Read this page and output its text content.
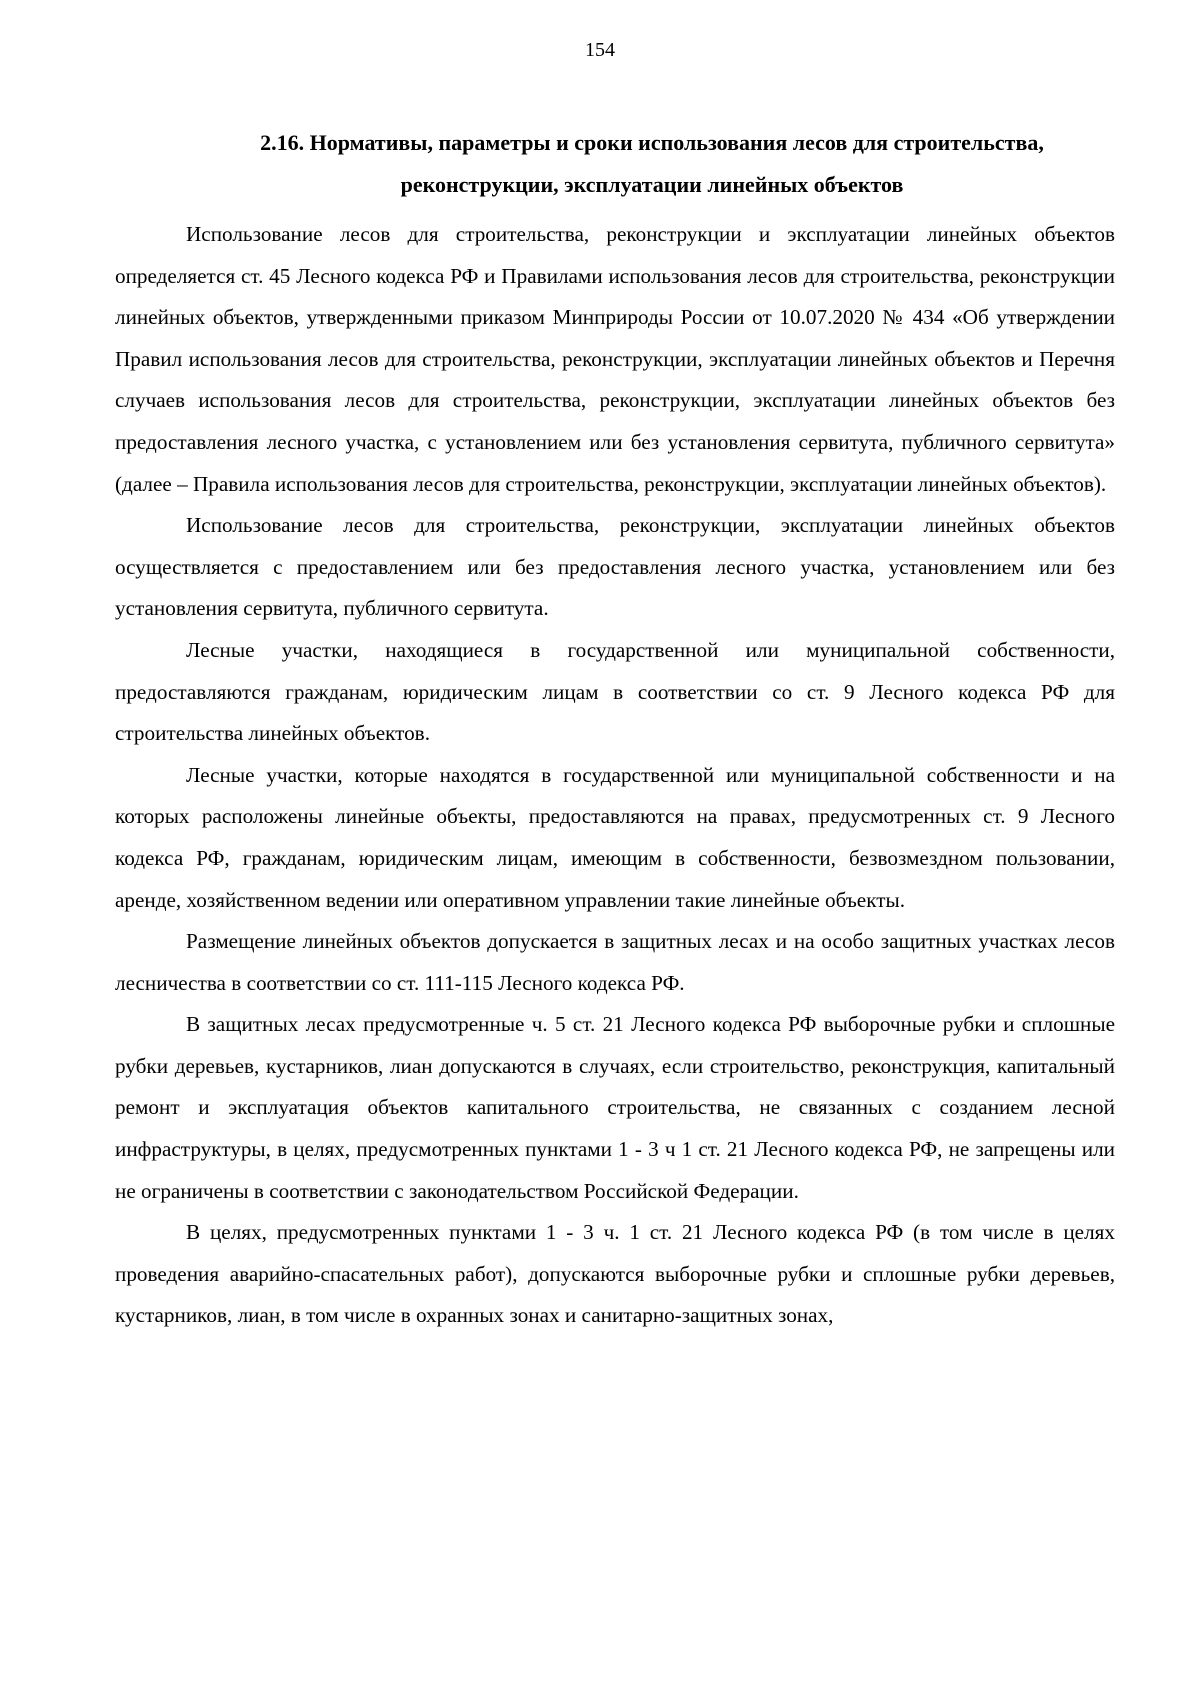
154
2.16. Нормативы, параметры и сроки использования лесов для строительства,
реконструкции, эксплуатации линейных объектов

Использование лесов для строительства, реконструкции и эксплуатации линейных объектов определяется ст. 45 Лесного кодекса РФ и Правилами использования лесов для строительства, реконструкции линейных объектов, утвержденными приказом Минприроды России от 10.07.2020 № 434 «Об утверждении Правил использования лесов для строительства, реконструкции, эксплуатации линейных объектов и Перечня случаев использования лесов для строительства, реконструкции, эксплуатации линейных объектов без предоставления лесного участка, с установлением или без установления сервитута, публичного сервитута» (далее – Правила использования лесов для строительства, реконструкции, эксплуатации линейных объектов).

Использование лесов для строительства, реконструкции, эксплуатации линейных объектов осуществляется с предоставлением или без предоставления лесного участка, установлением или без установления сервитута, публичного сервитута.

Лесные участки, находящиеся в государственной или муниципальной собственности, предоставляются гражданам, юридическим лицам в соответствии со ст. 9 Лесного кодекса РФ для строительства линейных объектов.

Лесные участки, которые находятся в государственной или муниципальной собственности и на которых расположены линейные объекты, предоставляются на правах, предусмотренных ст. 9 Лесного кодекса РФ, гражданам, юридическим лицам, имеющим в собственности, безвозмездном пользовании, аренде, хозяйственном ведении или оперативном управлении такие линейные объекты.

Размещение линейных объектов допускается в защитных лесах и на особо защитных участках лесов лесничества в соответствии со ст. 111-115 Лесного кодекса РФ.

В защитных лесах предусмотренные ч. 5 ст. 21 Лесного кодекса РФ выборочные рубки и сплошные рубки деревьев, кустарников, лиан допускаются в случаях, если строительство, реконструкция, капитальный ремонт и эксплуатация объектов капитального строительства, не связанных с созданием лесной инфраструктуры, в целях, предусмотренных пунктами 1 - 3 ч 1 ст. 21 Лесного кодекса РФ, не запрещены или не ограничены в соответствии с законодательством Российской Федерации.

В целях, предусмотренных пунктами 1 - 3 ч. 1 ст. 21 Лесного кодекса РФ (в том числе в целях проведения аварийно-спасательных работ), допускаются выборочные рубки и сплошные рубки деревьев, кустарников, лиан, в том числе в охранных зонах и санитарно-защитных зонах,
